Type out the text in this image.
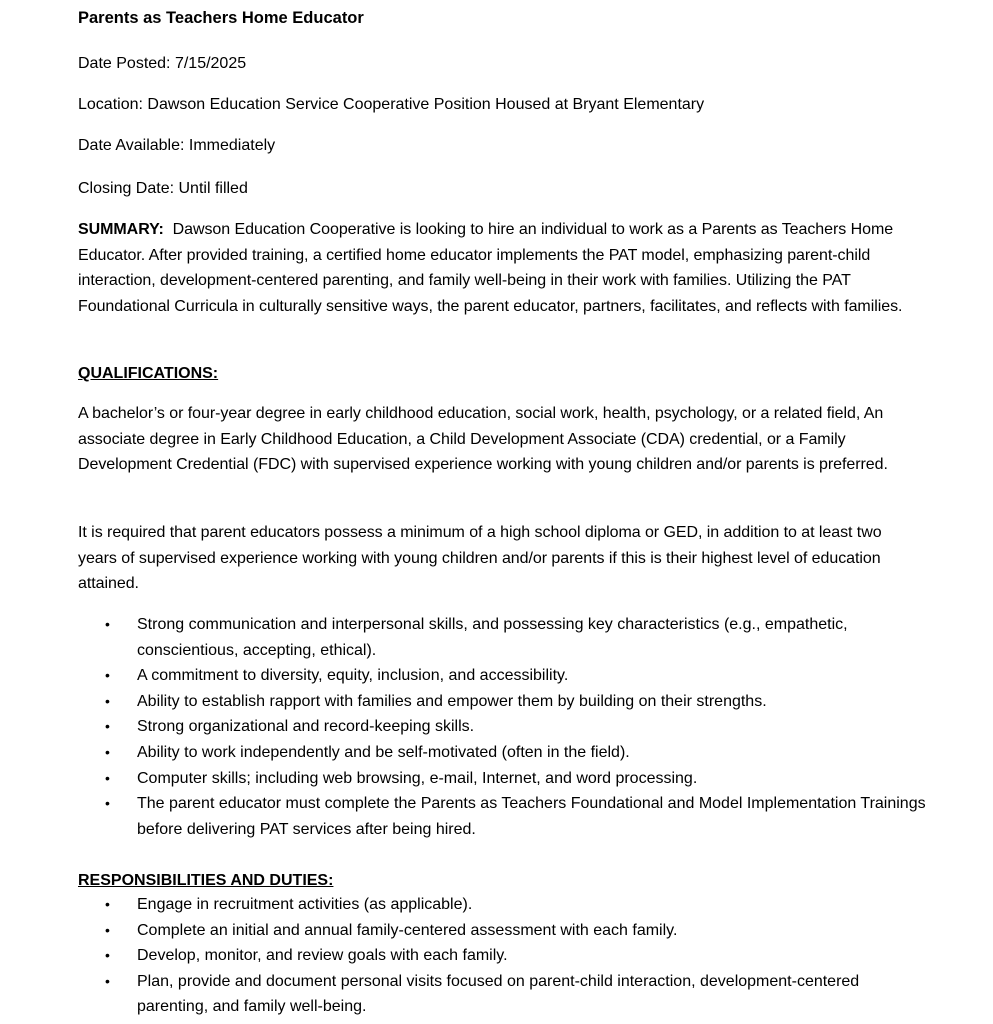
Parents as Teachers Home Educator
Date Posted: 7/15/2025
Location: Dawson Education Service Cooperative Position Housed at Bryant Elementary
Date Available: Immediately
Closing Date: Until filled
SUMMARY: Dawson Education Cooperative is looking to hire an individual to work as a Parents as Teachers Home Educator. After provided training, a certified home educator implements the PAT model, emphasizing parent-child interaction, development-centered parenting, and family well-being in their work with families. Utilizing the PAT Foundational Curricula in culturally sensitive ways, the parent educator, partners, facilitates, and reflects with families.
QUALIFICATIONS:
A bachelor’s or four-year degree in early childhood education, social work, health, psychology, or a related field, An associate degree in Early Childhood Education, a Child Development Associate (CDA) credential, or a Family Development Credential (FDC) with supervised experience working with young children and/or parents is preferred.
It is required that parent educators possess a minimum of a high school diploma or GED, in addition to at least two years of supervised experience working with young children and/or parents if this is their highest level of education attained.
• Strong communication and interpersonal skills, and possessing key characteristics (e.g., empathetic, conscientious, accepting, ethical).
• A commitment to diversity, equity, inclusion, and accessibility.
• Ability to establish rapport with families and empower them by building on their strengths.
• Strong organizational and record-keeping skills.
• Ability to work independently and be self-motivated (often in the field).
• Computer skills; including web browsing, e-mail, Internet, and word processing.
• The parent educator must complete the Parents as Teachers Foundational and Model Implementation Trainings before delivering PAT services after being hired.
RESPONSIBILITIES AND DUTIES:
• Engage in recruitment activities (as applicable).
• Complete an initial and annual family-centered assessment with each family.
• Develop, monitor, and review goals with each family.
• Plan, provide and document personal visits focused on parent-child interaction, development-centered parenting, and family well-being.
